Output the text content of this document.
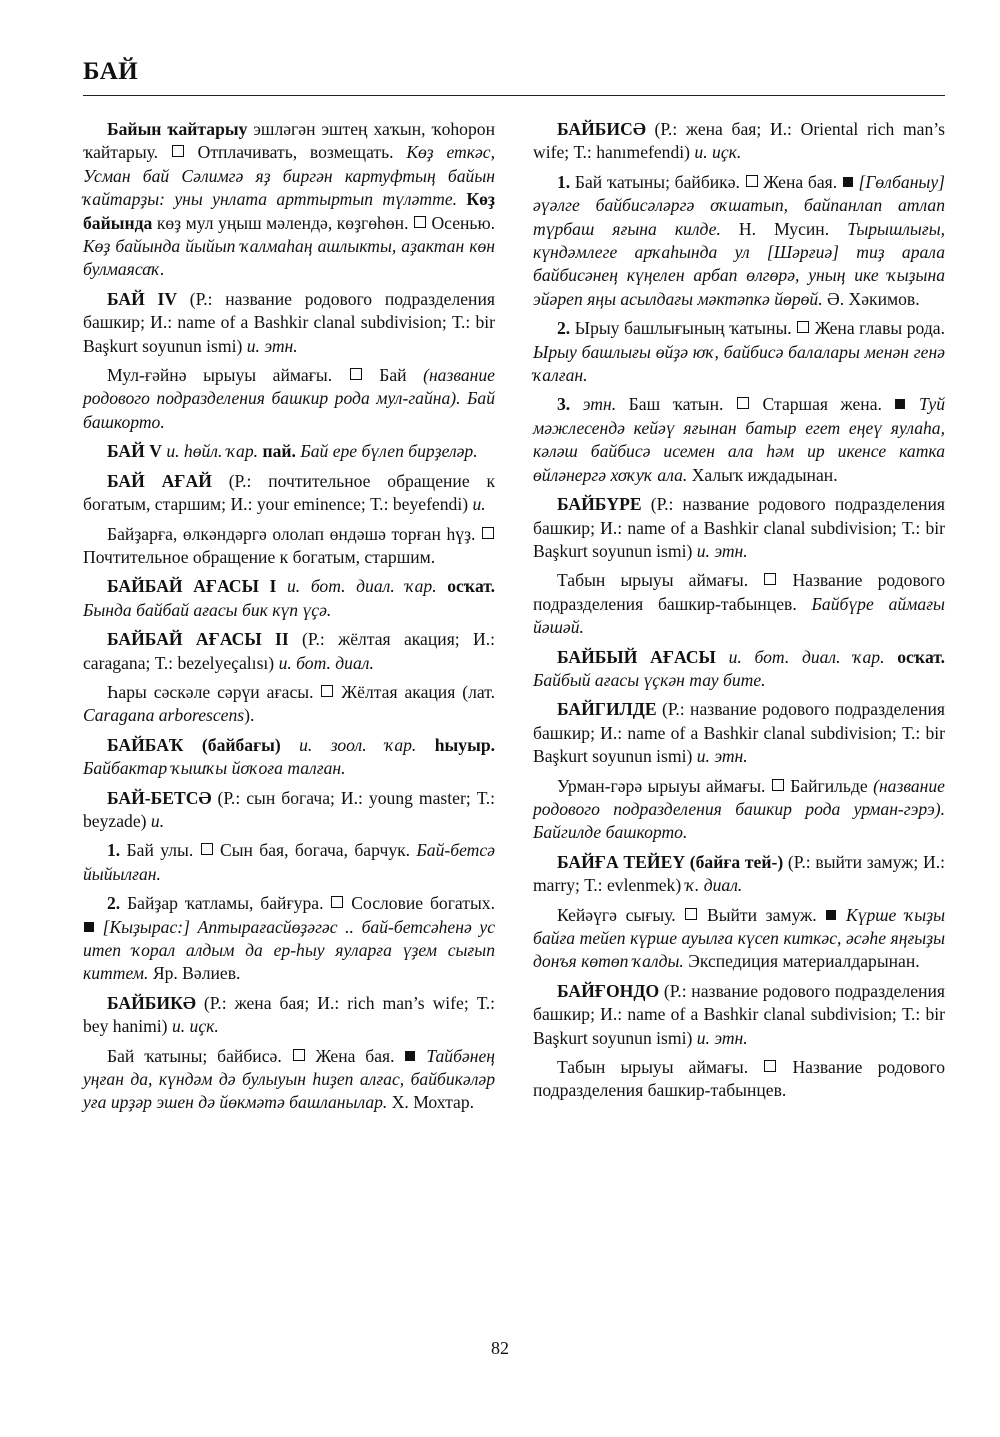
БАЙ

Байын ҡайтарыу эшләгән эштең хаҡын, ҡоһорон ҡайтарыу.  Отплачивать, возмещать. Көҙ еткәс, Усман бай Сәлимгә яҙ биргән картуфтың байын ҡайтарҙы: уны унлата арттыртып түләтте. Көҙ байында көҙ мул уңыш мәлендә, көҙгөһөн.  Осенью. Көҙ байында йыйып ҡалмаһаң ашлыкты, аҙактан көн булмаясаҡ.

БАЙ IV (Р.: название родового подразделения башкир; И.: name of a Bashkir clanal subdivision; Т.: bir Başkurt soyunun ismi) и. этн.

Мул-ғәйнә ырыуы аймағы.  Бай (название родового подразделения башкир рода мул-гайна). Бай башкорто.

БАЙ V и. һөйл. ҡар. пай. Бай ере бүлеп бирҙеләр.

БАЙ АҒАЙ (Р.: почтительное обращение к богатым, старшим; И.: your eminence; Т.: beyefendi) и.

Байҙарға, өлкәндәргә ололап өндәшә торған һүҙ.  Почтительное обращение к богатым, старшим.

БАЙБАЙ АҒАСЫ I и. бот. диал. ҡар. осҡат. Бында байбай ағасы бик күп үҫә.

БАЙБАЙ АҒАСЫ II (Р.: жёлтая акация; И.: caragana; Т.: bezelyeçalısı) и. бот. диал.

Һары сәскәле сәрүи ағасы.  Жёлтая акация (лат. Caragana arborescens).

БАЙБАҠ (байбағы) и. зоол. ҡар. һыуыр. Байбактар ҡышҡы йоҡоға талған.

БАЙ-БЕТСӘ (Р.: сын богача; И.: young master; Т.: beyzade) и.

1. Бай улы.  Сын бая, богача, барчук. Бай-бетсә йыйылған.

2. Байҙар ҡатламы, байғура.  Сословие богатых.  [Кыҙырас:] Аптырағасйөҙәгәс .. бай-бетсәһенә ус итеп ҡорал алдым да ер-һыу яуларға үҙем сығып киттем. Яр. Вәлиев.

БАЙБИКӘ (Р.: жена бая; И.: rich man’s wife; Т.: bey hanimi) и. иҫк.

Бай ҡатыны; байбисә.  Жена бая.  Тайбәнең уңған да, күндәм дә булыуын һиҙеп алғас, байбикәләр уға ирҙәр эшен дә йөкмәтә башланылар. Х. Мохтар.

БАЙБИСӘ (Р.: жена бая; И.: Oriental rich man’s wife; Т.: hanımefendi) и. иҫк.

1. Бай ҡатыны; байбикә.  Жена бая.  [Гөлбаныу] әүәлге байбисәләргә оҡшатып, байпанлап атлап түрбаш яғына килде. Н. Мусин. Тырышлығы, күндәмлеге арҡаһында ул [Шәрғиә] тиҙ арала байбисәнең күңелен арбап өлгөрә, уның ике ҡыҙына эйәреп яңы асылдағы мәктәпкә йөрөй. Ә. Хәкимов.

2. Ырыу башлығының ҡатыны.  Жена главы рода. Ырыу башлығы өйҙә юҡ, байбисә балалары менән генә ҡалған.

3. этн. Баш ҡатын.  Старшая жена.  Туй мәжлесендә кейәү яғынан батыр егет еңеү яулаһа, кәләш байбисә исемен ала һәм ир икенсе катка өйләнергә хоҡуҡ ала. Халыҡ иждадынан.

БАЙБҮРЕ (Р.: название родового подразделения башкир; И.: name of a Bashkir clanal subdivision; Т.: bir Başkurt soyunun ismi) и. этн.

Табын ырыуы аймағы.  Название родового подразделения башкир-табынцев. Байбүре аймағы йәшәй.

БАЙБЫЙ АҒАСЫ и. бот. диал. ҡар. осҡат. Байбый ағасы үҫкән тау бите.

БАЙГИЛДЕ (Р.: название родового подразделения башкир; И.: name of a Bashkir clanal subdivision; Т.: bir Başkurt soyunun ismi) и. этн.

Урман-гәрә ырыуы аймағы.  Байгильде (название родового подразделения башкир рода урман-гэрэ). Байгилде башкорто.

БАЙҒА ТЕЙЕҮ (байға тей-) (Р.: выйти замуж; И.: marry; Т.: evlenmek) ҡ. диал.

Кейәүгә сығыу.  Выйти замуж.  Күрше ҡыҙы байға тейеп күрше ауылға күсеп киткәс, әсәһе яңғыҙы донъя көтөп ҡалды. Экспедиция материалдарынан.

БАЙҒОНДО (Р.: название родового подразделения башкир; И.: name of a Bashkir clanal subdivision; Т.: bir Başkurt soyunun ismi) и. этн.

Табын ырыуы аймағы.  Название родового подразделения башкир-табынцев.

82
